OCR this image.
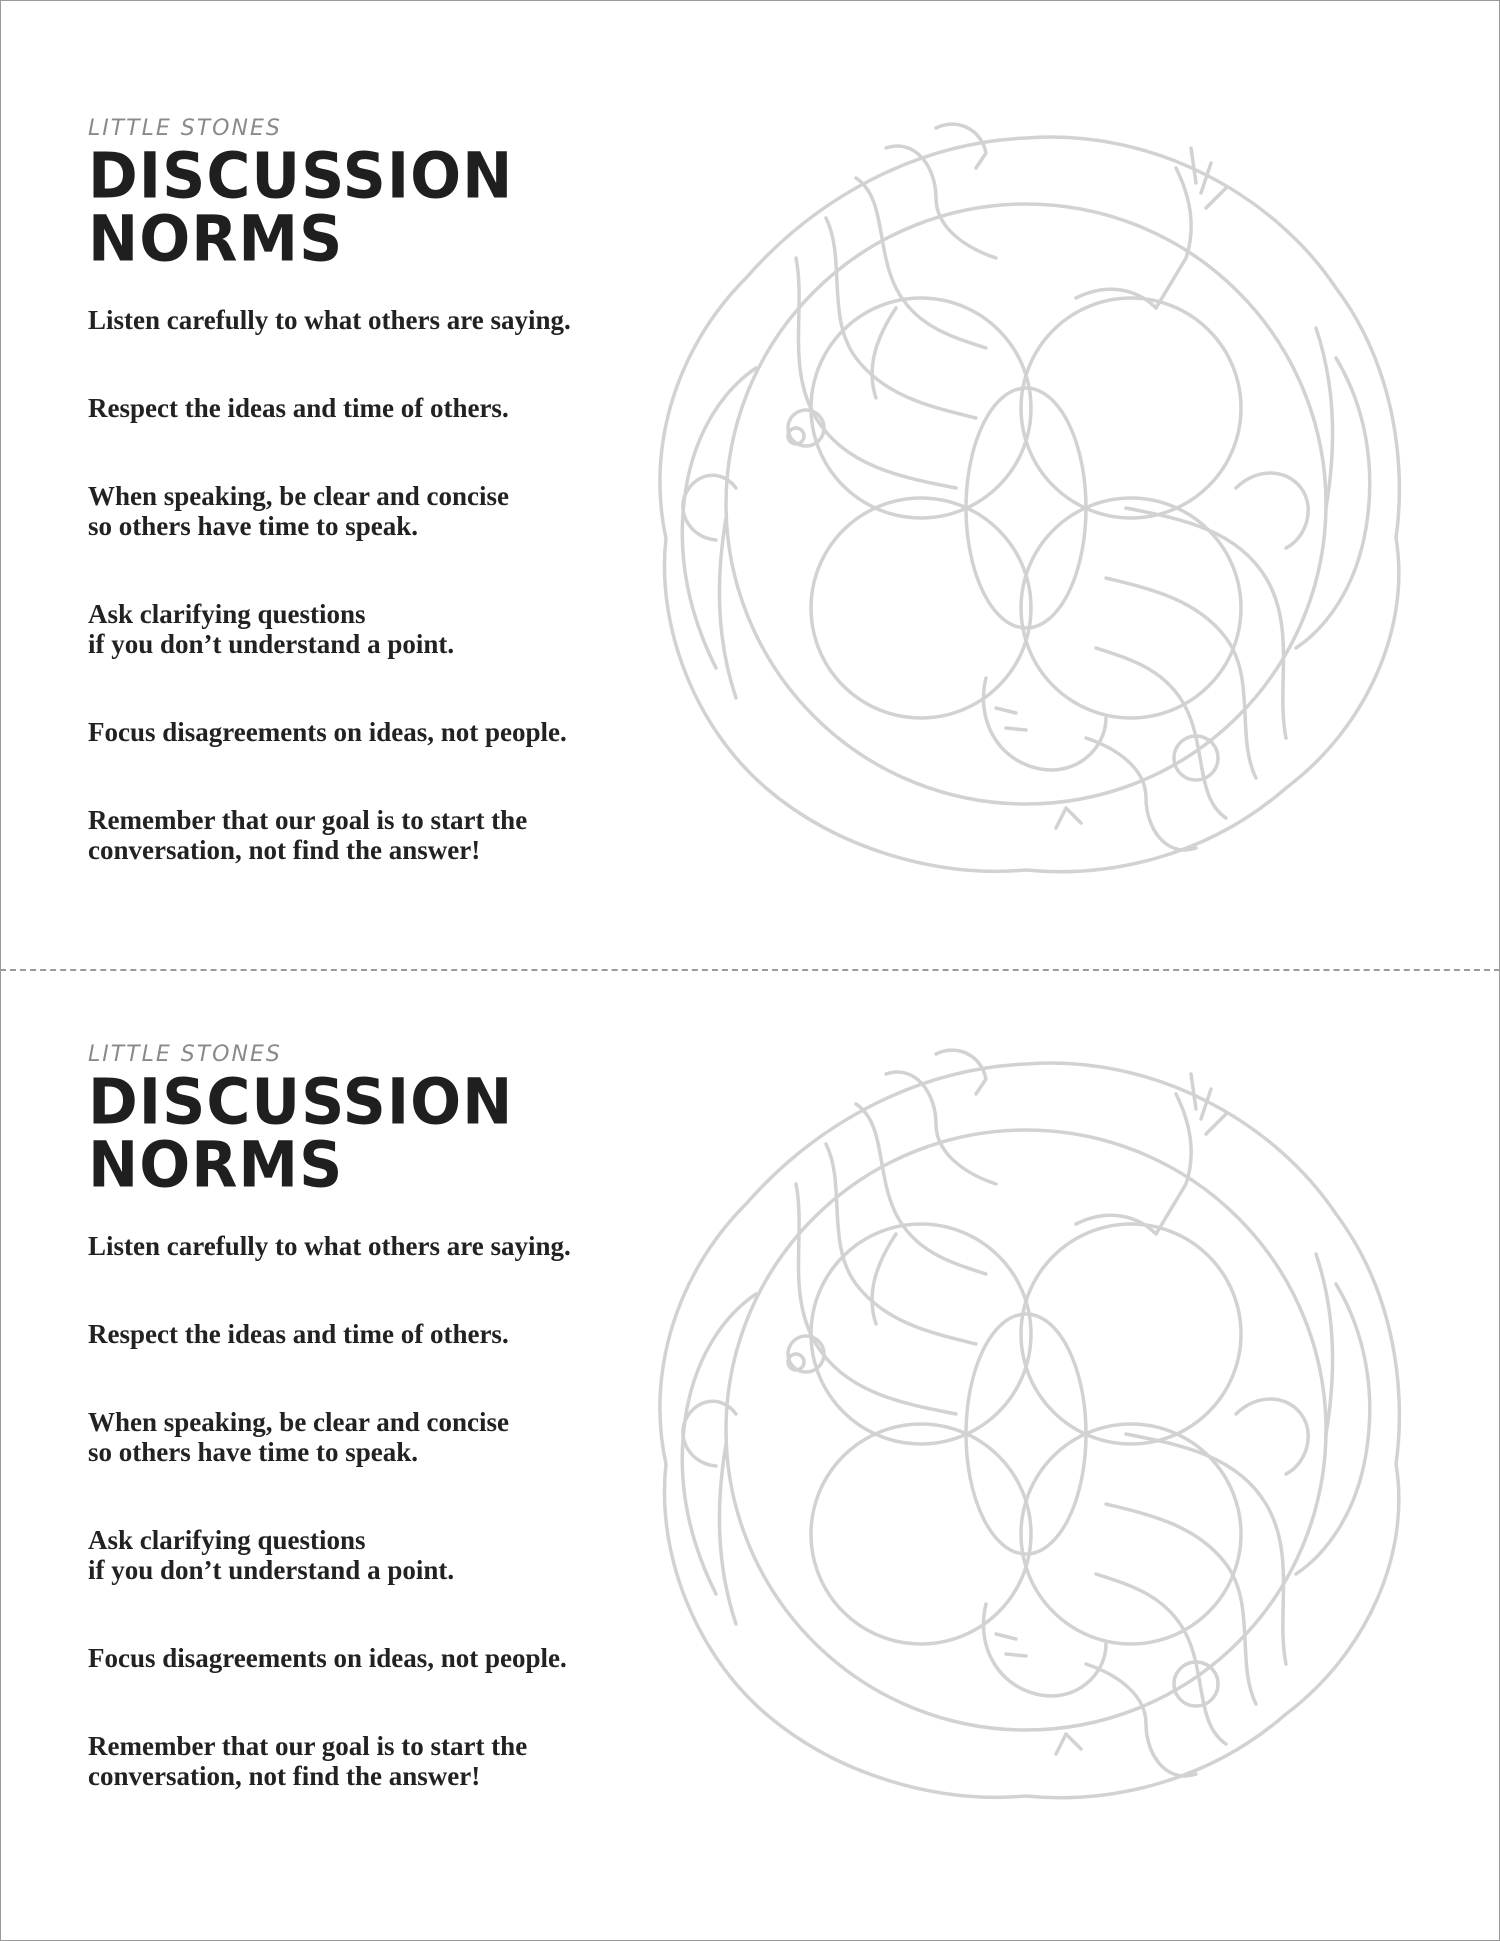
LITTLE STONES

DISCUSSION NORMS
Listen carefully to what others are saying.
Respect the ideas and time of others.
When speaking, be clear and concise
so others have time to speak.
Ask clarifying questions
if you don’t understand a point.
Focus disagreements on ideas, not people.
Remember that our goal is to start the
conversation, not find the answer!

LITTLE STONES

DISCUSSION NORMS
Listen carefully to what others are saying.
Respect the ideas and time of others.
When speaking, be clear and concise
so others have time to speak.
Ask clarifying questions
if you don’t understand a point.
Focus disagreements on ideas, not people.
Remember that our goal is to start the
conversation, not find the answer!
